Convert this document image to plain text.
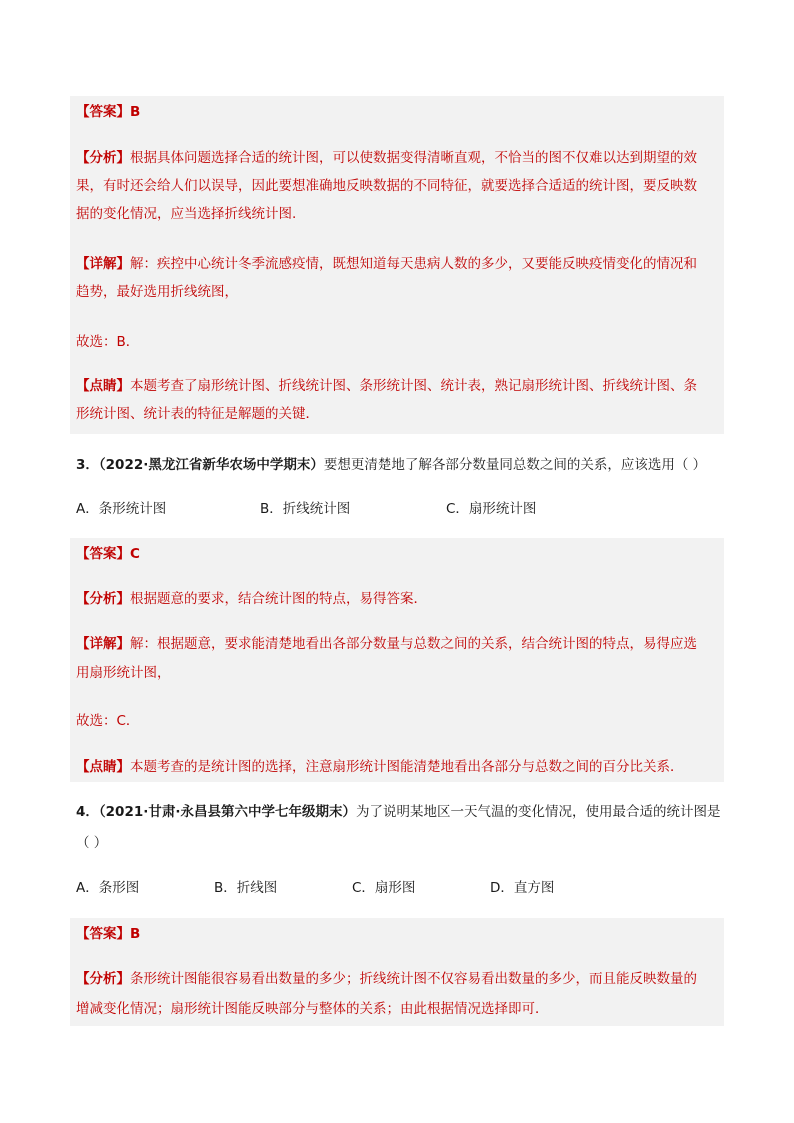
【答案】B
【分析】根据具体问题选择合适的统计图，可以使数据变得清晰直观，不恰当的图不仅难以达到期望的效
果，有时还会给人们以误导，因此要想准确地反映数据的不同特征，就要选择合适适的统计图，要反映数
据的变化情况，应当选择折线统计图.
【详解】解：疾控中心统计冬季流感疫情，既想知道每天患病人数的多少，又要能反映疫情变化的情况和
趋势，最好选用折线统图，
故选：B．
【点睛】本题考查了扇形统计图、折线统计图、条形统计图、统计表，熟记扇形统计图、折线统计图、条
形统计图、统计表的特征是解题的关键．
3．（2022·黑龙江省新华农场中学期末）要想更清楚地了解各部分数量同总数之间的关系，应该选用（ ）
A．条形统计图	B．折线统计图	C．扇形统计图
【答案】C
【分析】根据题意的要求，结合统计图的特点，易得答案．
【详解】解：根据题意，要求能清楚地看出各部分数量与总数之间的关系，结合统计图的特点，易得应选
用扇形统计图，
故选：C．
【点睛】本题考查的是统计图的选择，注意扇形统计图能清楚地看出各部分与总数之间的百分比关系．
4．（2021·甘肃·永昌县第六中学七年级期末）为了说明某地区一天气温的变化情况，使用最合适的统计图是
（ ）
A．条形图	B．折线图	C．扇形图	D．直方图
【答案】B
【分析】条形统计图能很容易看出数量的多少；折线统计图不仅容易看出数量的多少，而且能反映数量的
增减变化情况；扇形统计图能反映部分与整体的关系；由此根据情况选择即可．
